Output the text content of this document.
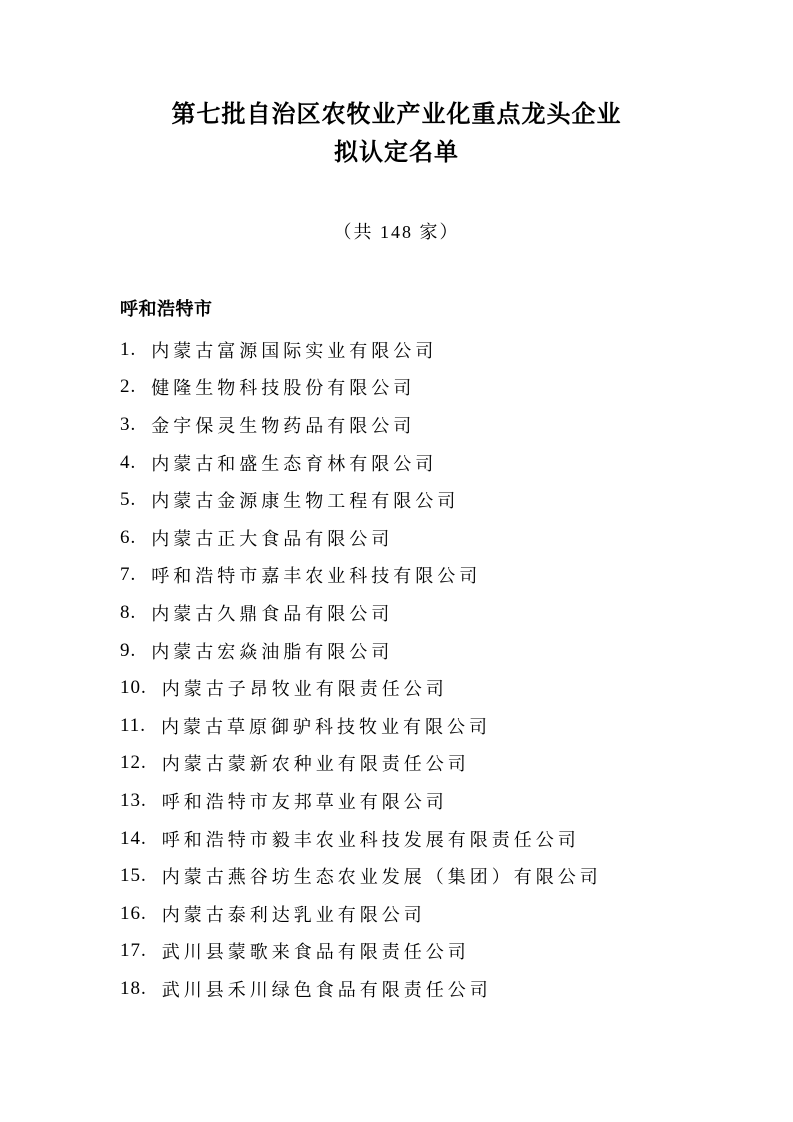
第七批自治区农牧业产业化重点龙头企业
拟认定名单
（共 148 家）
呼和浩特市
1. 内蒙古富源国际实业有限公司
2. 健隆生物科技股份有限公司
3. 金宇保灵生物药品有限公司
4. 内蒙古和盛生态育林有限公司
5. 内蒙古金源康生物工程有限公司
6. 内蒙古正大食品有限公司
7. 呼和浩特市嘉丰农业科技有限公司
8. 内蒙古久鼎食品有限公司
9. 内蒙古宏焱油脂有限公司
10. 内蒙古子昂牧业有限责任公司
11. 内蒙古草原御驴科技牧业有限公司
12. 内蒙古蒙新农种业有限责任公司
13. 呼和浩特市友邦草业有限公司
14. 呼和浩特市毅丰农业科技发展有限责任公司
15. 内蒙古燕谷坊生态农业发展（集团）有限公司
16. 内蒙古泰利达乳业有限公司
17. 武川县蒙歌来食品有限责任公司
18. 武川县禾川绿色食品有限责任公司
